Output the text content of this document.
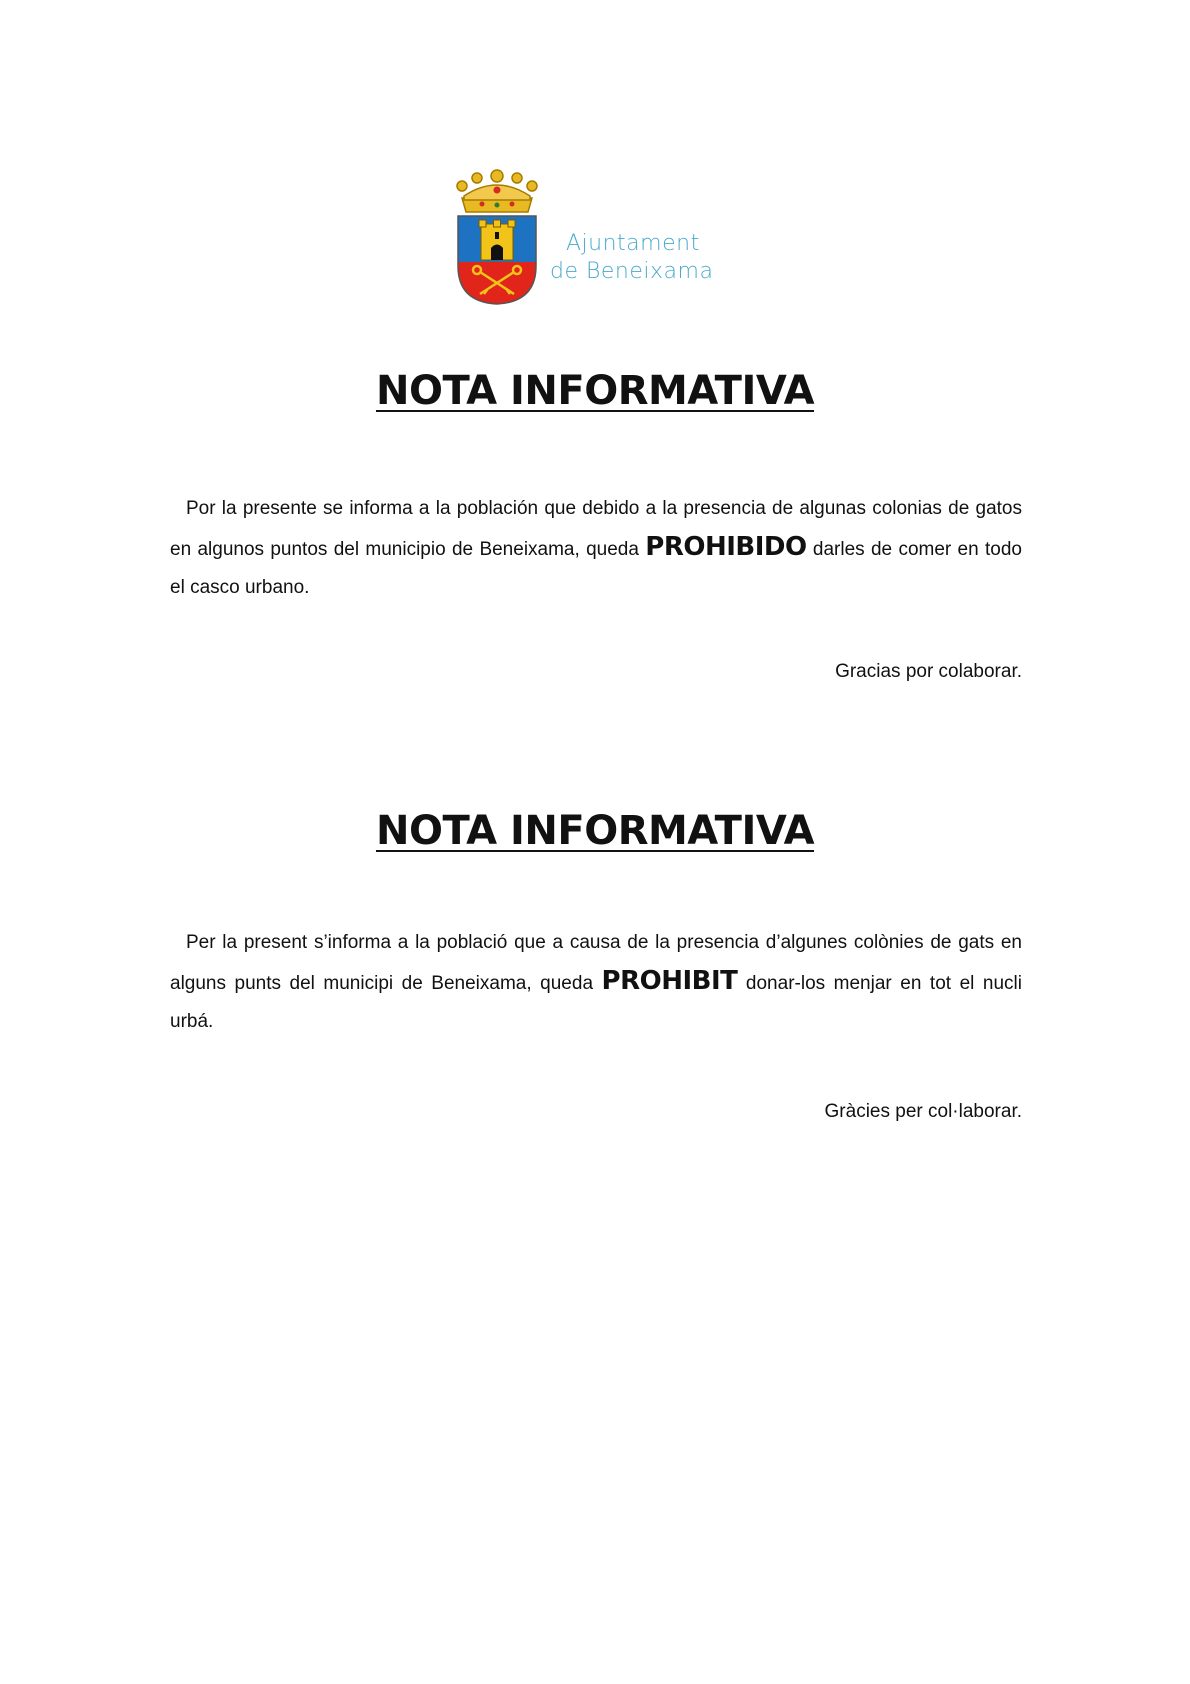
Ajuntament
de Beneixama
NOTA INFORMATIVA

Por la presente se informa a la población que debido a la presencia de algunas colonias de gatos en algunos puntos del municipio de Beneixama, queda PROHIBIDO darles de comer en todo el casco urbano.

Gracias por colaborar.

NOTA INFORMATIVA

Per la present s’informa a la població que a causa de la presencia d’algunes colònies de gats en alguns punts del municipi de Beneixama, queda PROHIBIT donar-los menjar en tot el nucli urbá.

Gràcies per col·laborar.
